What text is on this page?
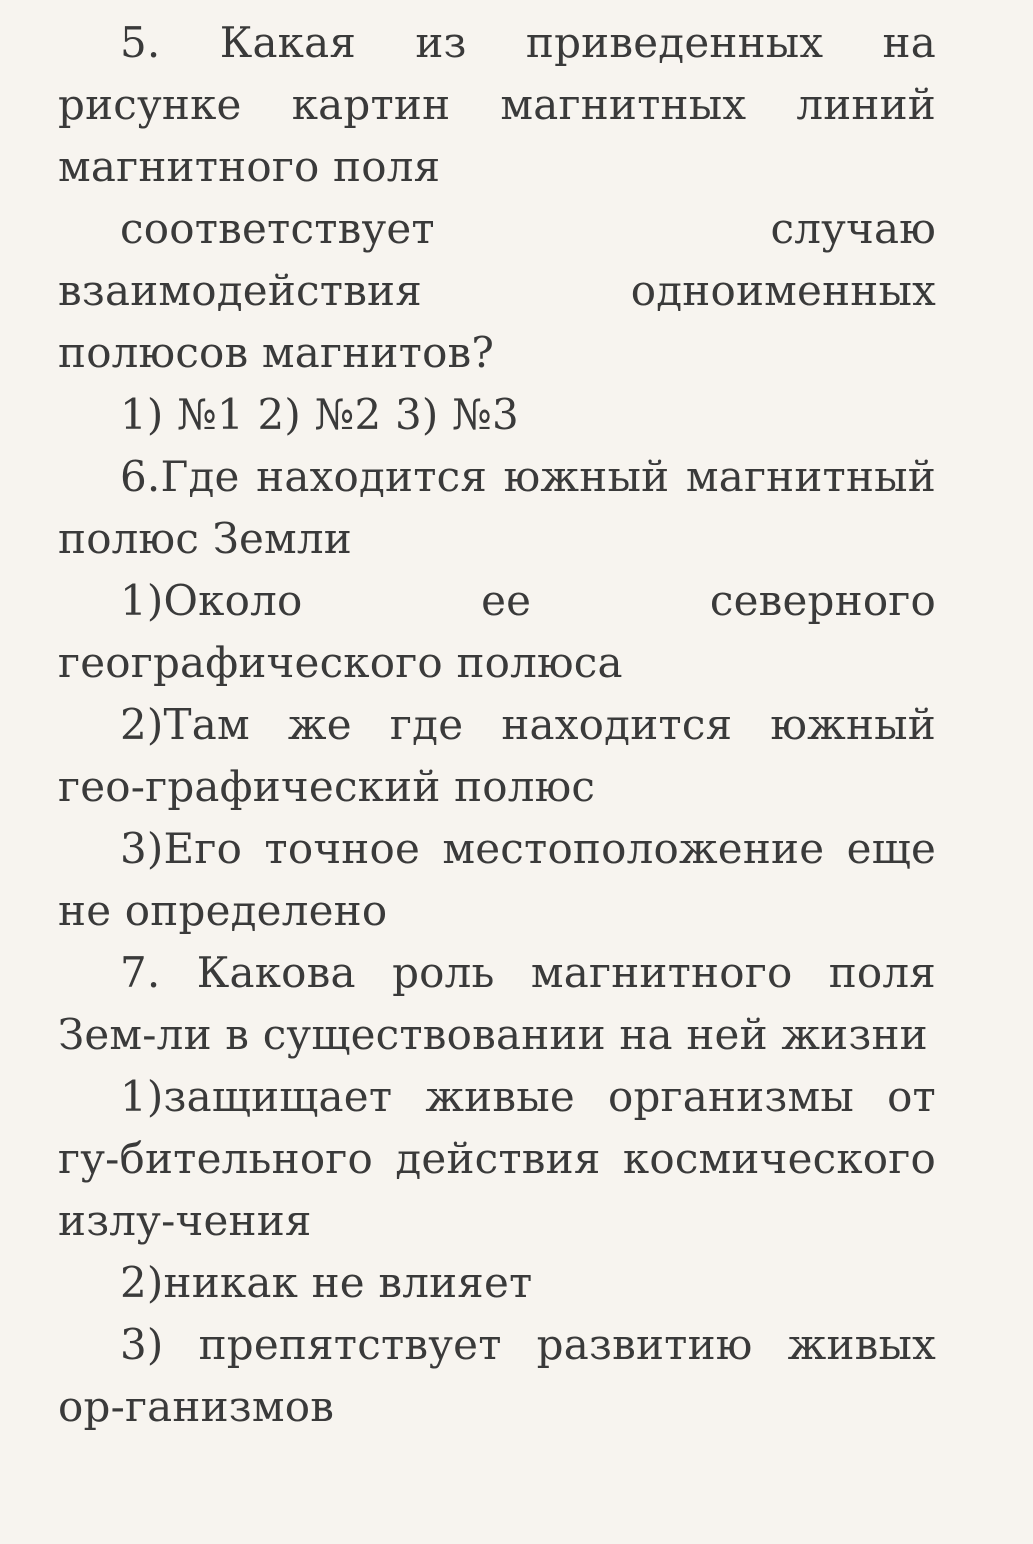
5. Какая из приведенных на рисунке картин магнитных линий магнитного поля

соответствует случаю взаимодействия одноименных полюсов магнитов?

1) №1 2) №2 3) №3

6.Где находится южный магнитный полюс Земли

1)Около ее северного географического полюса

2)Там же где находится южный гео-графический полюс

3)Его точное местоположение еще не определено

7. Какова роль магнитного поля Зем-ли в существовании на ней жизни

1)защищает живые организмы от гу-бительного действия космического излу-чения

2)никак не влияет

3) препятствует развитию живых ор-ганизмов
